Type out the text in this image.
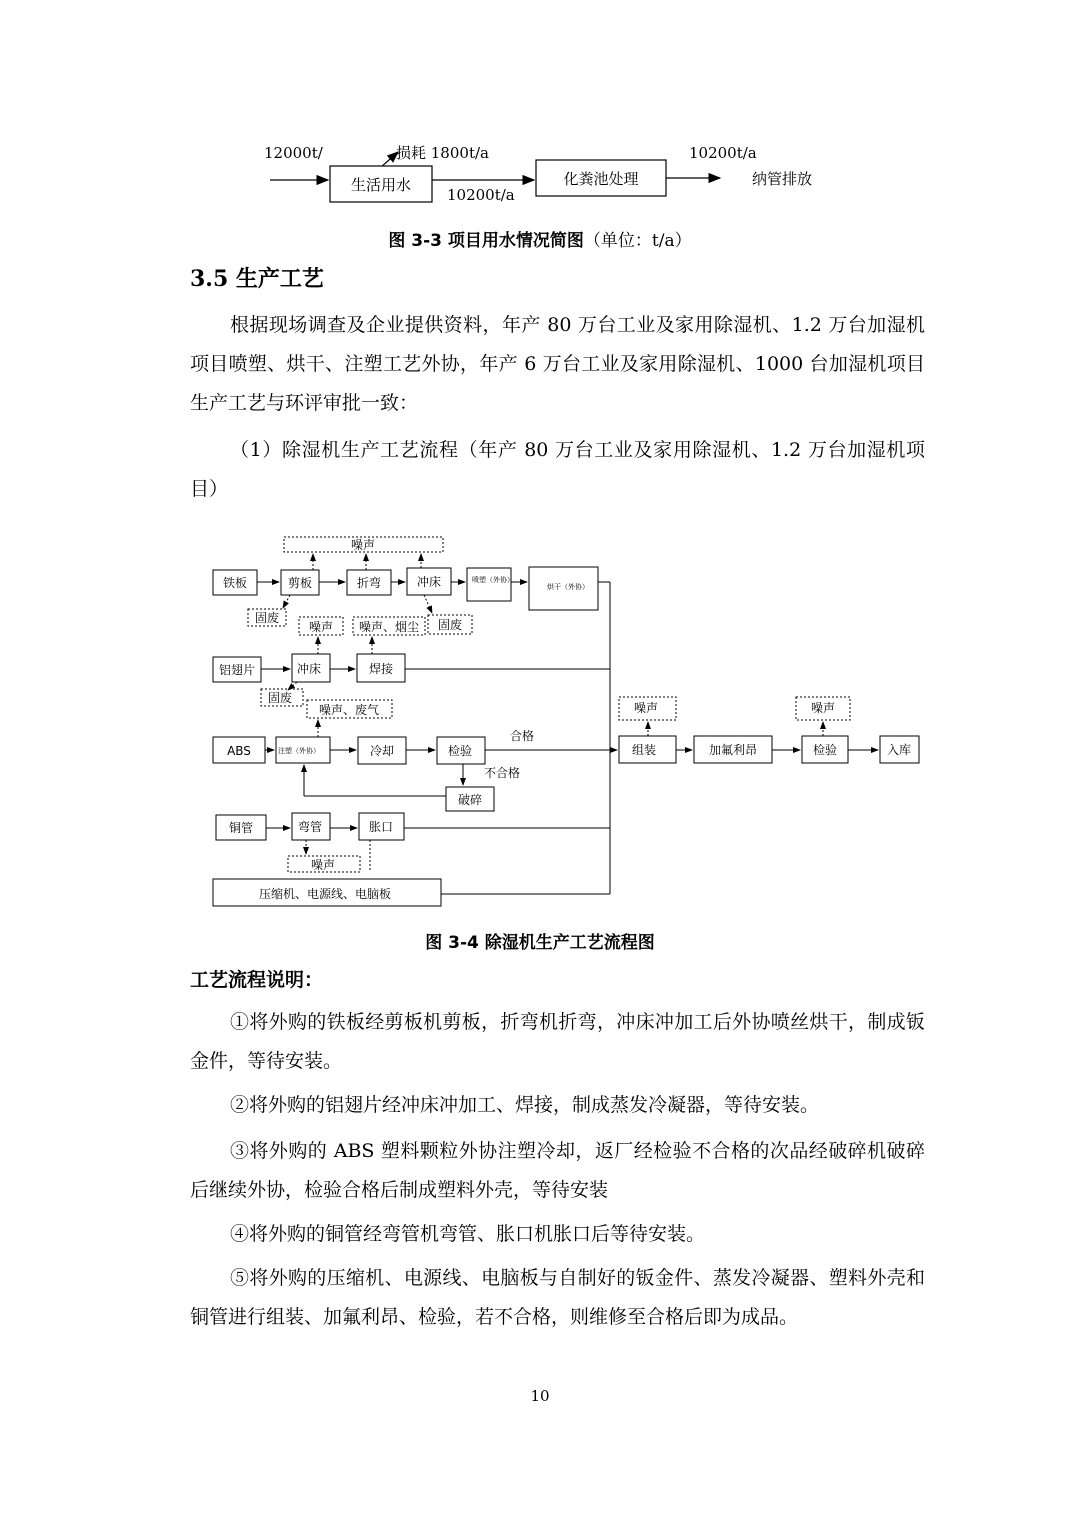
12000t/	损耗 1800t/a
生活用水
10200t/a
化粪池处理
10200t/a
纳管排放
图 3-3 项目用水情况简图（单位：t/a）
3.5 生产工艺
根据现场调查及企业提供资料，年产 80 万台工业及家用除湿机、1.2 万台加湿机项目喷塑、烘干、注塑工艺外协，年产 6 万台工业及家用除湿机、1000 台加湿机项目生产工艺与环评审批一致：
（1）除湿机生产工艺流程（年产 80 万台工业及家用除湿机、1.2 万台加湿机项目）
噪声
铁板	剪板	折弯	冲床	喷塑（外协）
烘干（外协）
固废
噪声 噪声、烟尘 固废
铝翅片	冲床	焊接
固废
噪声、废气
ABS	注塑（外协）	冷却	检验
合格
不合格
破碎
噪声
组装	加氟利昂
噪声
检验	入库
铜管	弯管	胀口
噪声
压缩机、电源线、电脑板
图 3-4 除湿机生产工艺流程图
工艺流程说明：
①将外购的铁板经剪板机剪板，折弯机折弯，冲床冲加工后外协喷丝烘干，制成钣金件，等待安装。
②将外购的铝翅片经冲床冲加工、焊接，制成蒸发冷凝器，等待安装。
③将外购的 ABS 塑料颗粒外协注塑冷却，返厂经检验不合格的次品经破碎机破碎后继续外协，检验合格后制成塑料外壳，等待安装
④将外购的铜管经弯管机弯管、胀口机胀口后等待安装。
⑤将外购的压缩机、电源线、电脑板与自制好的钣金件、蒸发冷凝器、塑料外壳和铜管进行组装、加氟利昂、检验，若不合格，则维修至合格后即为成品。
10
